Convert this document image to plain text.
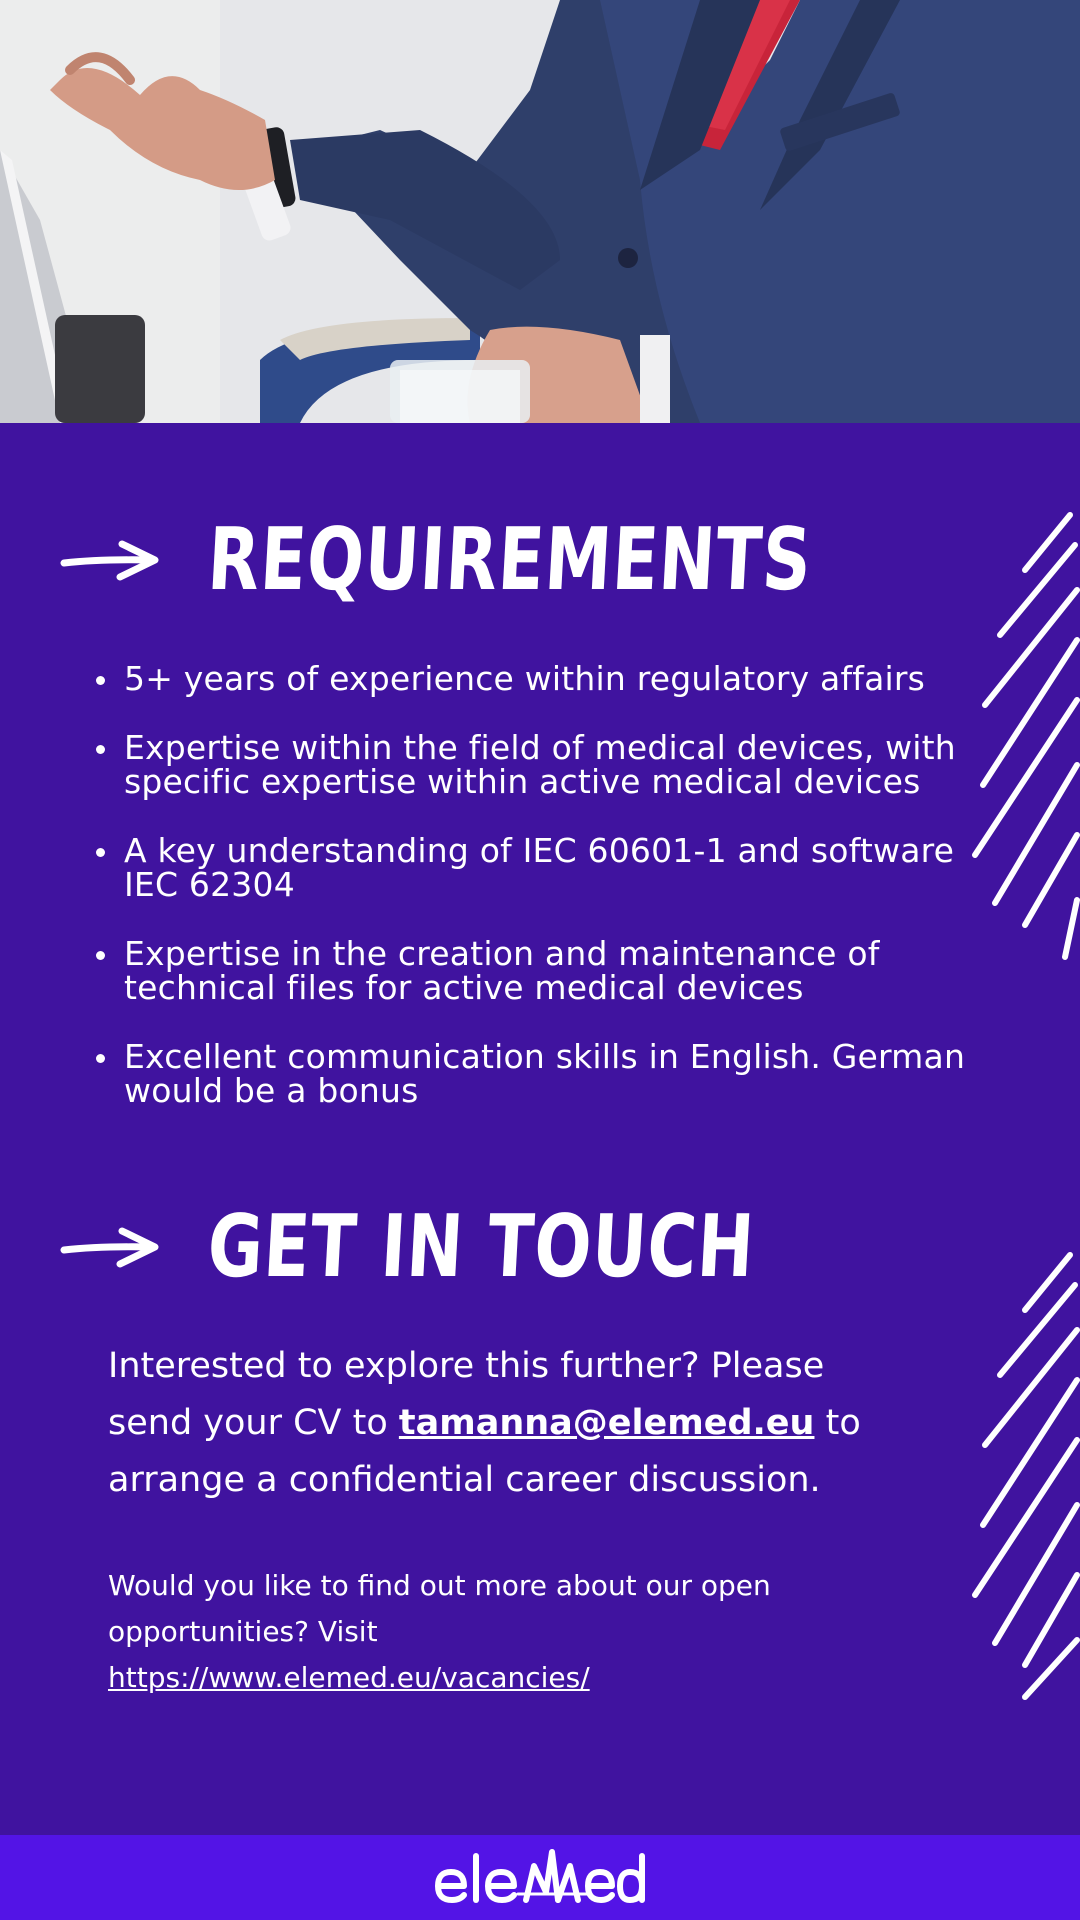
REQUIREMENTS
5+ years of experience within regulatory affairs
Expertise within the field of medical devices, with specific expertise within active medical devices
A key understanding of IEC 60601-1 and software IEC 62304
Expertise in the creation and maintenance of technical files for active medical devices
Excellent communication skills in English. German would be a bonus
GET IN TOUCH

Interested to explore this further? Please send your CV to tamanna@elemed.eu to arrange a confidential career discussion.

Would you like to find out more about our open opportunities? Visit
https://www.elemed.eu/vacancies/
